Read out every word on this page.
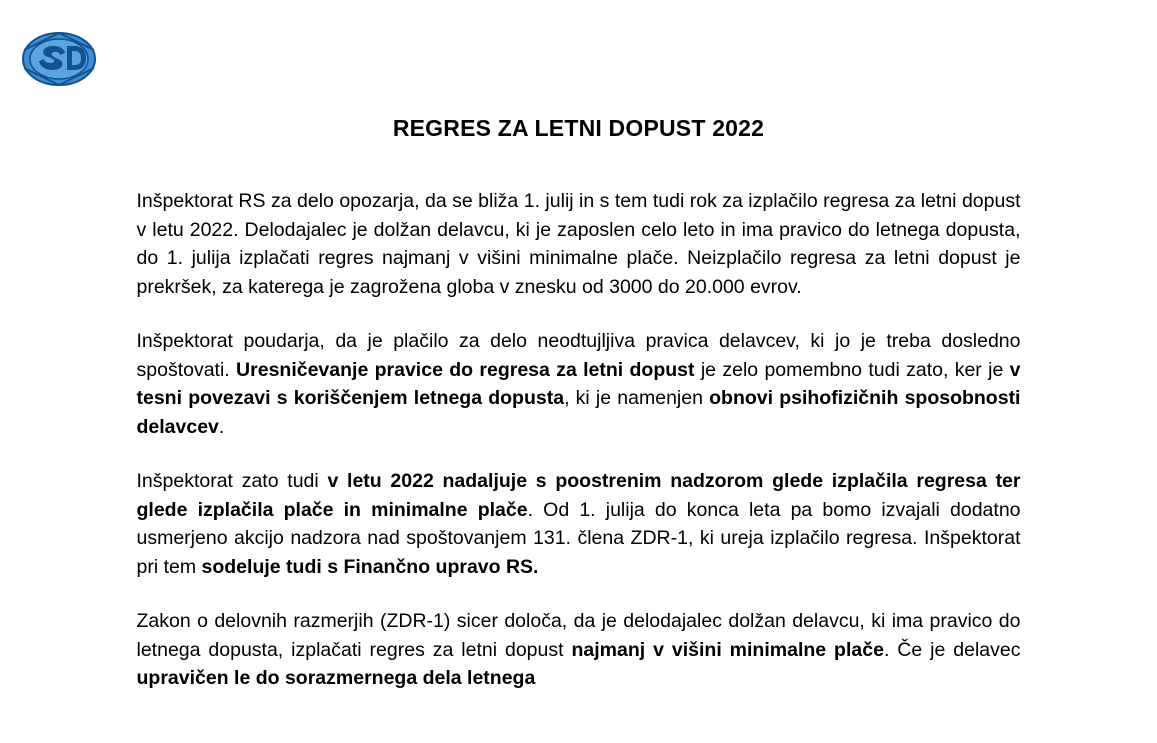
REGRES ZA LETNI DOPUST 2022

Inšpektorat RS za delo opozarja, da se bliža 1. julij in s tem tudi rok za izplačilo regresa za letni dopust v letu 2022. Delodajalec je dolžan delavcu, ki je zaposlen celo leto in ima pravico do letnega dopusta, do 1. julija izplačati regres najmanj v višini minimalne plače. Neizplačilo regresa za letni dopust je prekršek, za katerega je zagrožena globa v znesku od 3000 do 20.000 evrov.

Inšpektorat poudarja, da je plačilo za delo neodtujljiva pravica delavcev, ki jo je treba dosledno spoštovati. Uresničevanje pravice do regresa za letni dopust je zelo pomembno tudi zato, ker je v tesni povezavi s koriščenjem letnega dopusta, ki je namenjen obnovi psihofizičnih sposobnosti delavcev.

Inšpektorat zato tudi v letu 2022 nadaljuje s poostrenim nadzorom glede izplačila regresa ter glede izplačila plače in minimalne plače. Od 1. julija do konca leta pa bomo izvajali dodatno usmerjeno akcijo nadzora nad spoštovanjem 131. člena ZDR-1, ki ureja izplačilo regresa. Inšpektorat pri tem sodeluje tudi s Finančno upravo RS.

Zakon o delovnih razmerjih (ZDR-1) sicer določa, da je delodajalec dolžan delavcu, ki ima pravico do letnega dopusta, izplačati regres za letni dopust najmanj v višini minimalne plače. Če je delavec upravičen le do sorazmernega dela letnega
